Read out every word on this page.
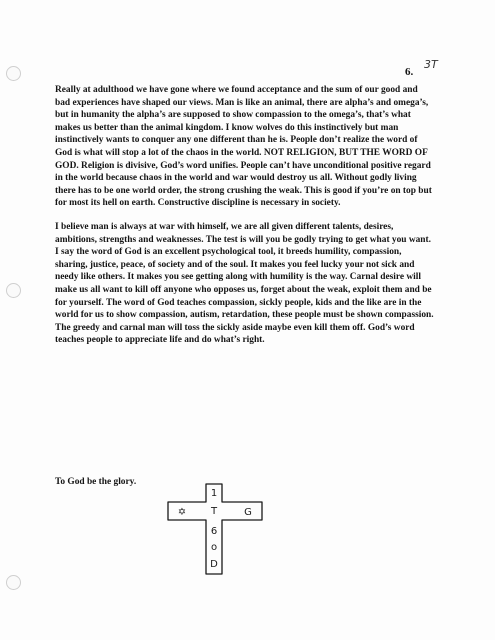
6.
3T

Really at adulthood we have gone where we found acceptance and the sum of our good and bad experiences have shaped our views. Man is like an animal, there are alpha’s and omega’s, but in humanity the alpha’s are supposed to show compassion to the omega’s, that’s what makes us better than the animal kingdom. I know wolves do this instinctively but man instinctively wants to conquer any one different than he is. People don’t realize the word of God is what will stop a lot of the chaos in the world. NOT RELIGION, BUT THE WORD OF GOD. Religion is divisive, God’s word unifies. People can’t have unconditional positive regard in the world because chaos in the world and war would destroy us all. Without godly living there has to be one world order, the strong crushing the weak. This is good if you’re on top but for most its hell on earth. Constructive discipline is necessary in society.

I believe man is always at war with himself, we are all given different talents, desires, ambitions, strengths and weaknesses. The test is will you be godly trying to get what you want. I say the word of God is an excellent psychological tool, it breeds humility, compassion, sharing, justice, peace, of society and of the soul. It makes you feel lucky your not sick and needy like others. It makes you see getting along with humility is the way. Carnal desire will make us all want to kill off anyone who opposes us, forget about the weak, exploit them and be for yourself. The word of God teaches compassion, sickly people, kids and the like are in the world for us to show compassion, autism, retardation, these people must be shown compassion. The greedy and carnal man will toss the sickly aside maybe even kill them off. God’s word teaches people to appreciate life and do what’s right.

To God be the glory.
1
T
6
o
D
✡	G
